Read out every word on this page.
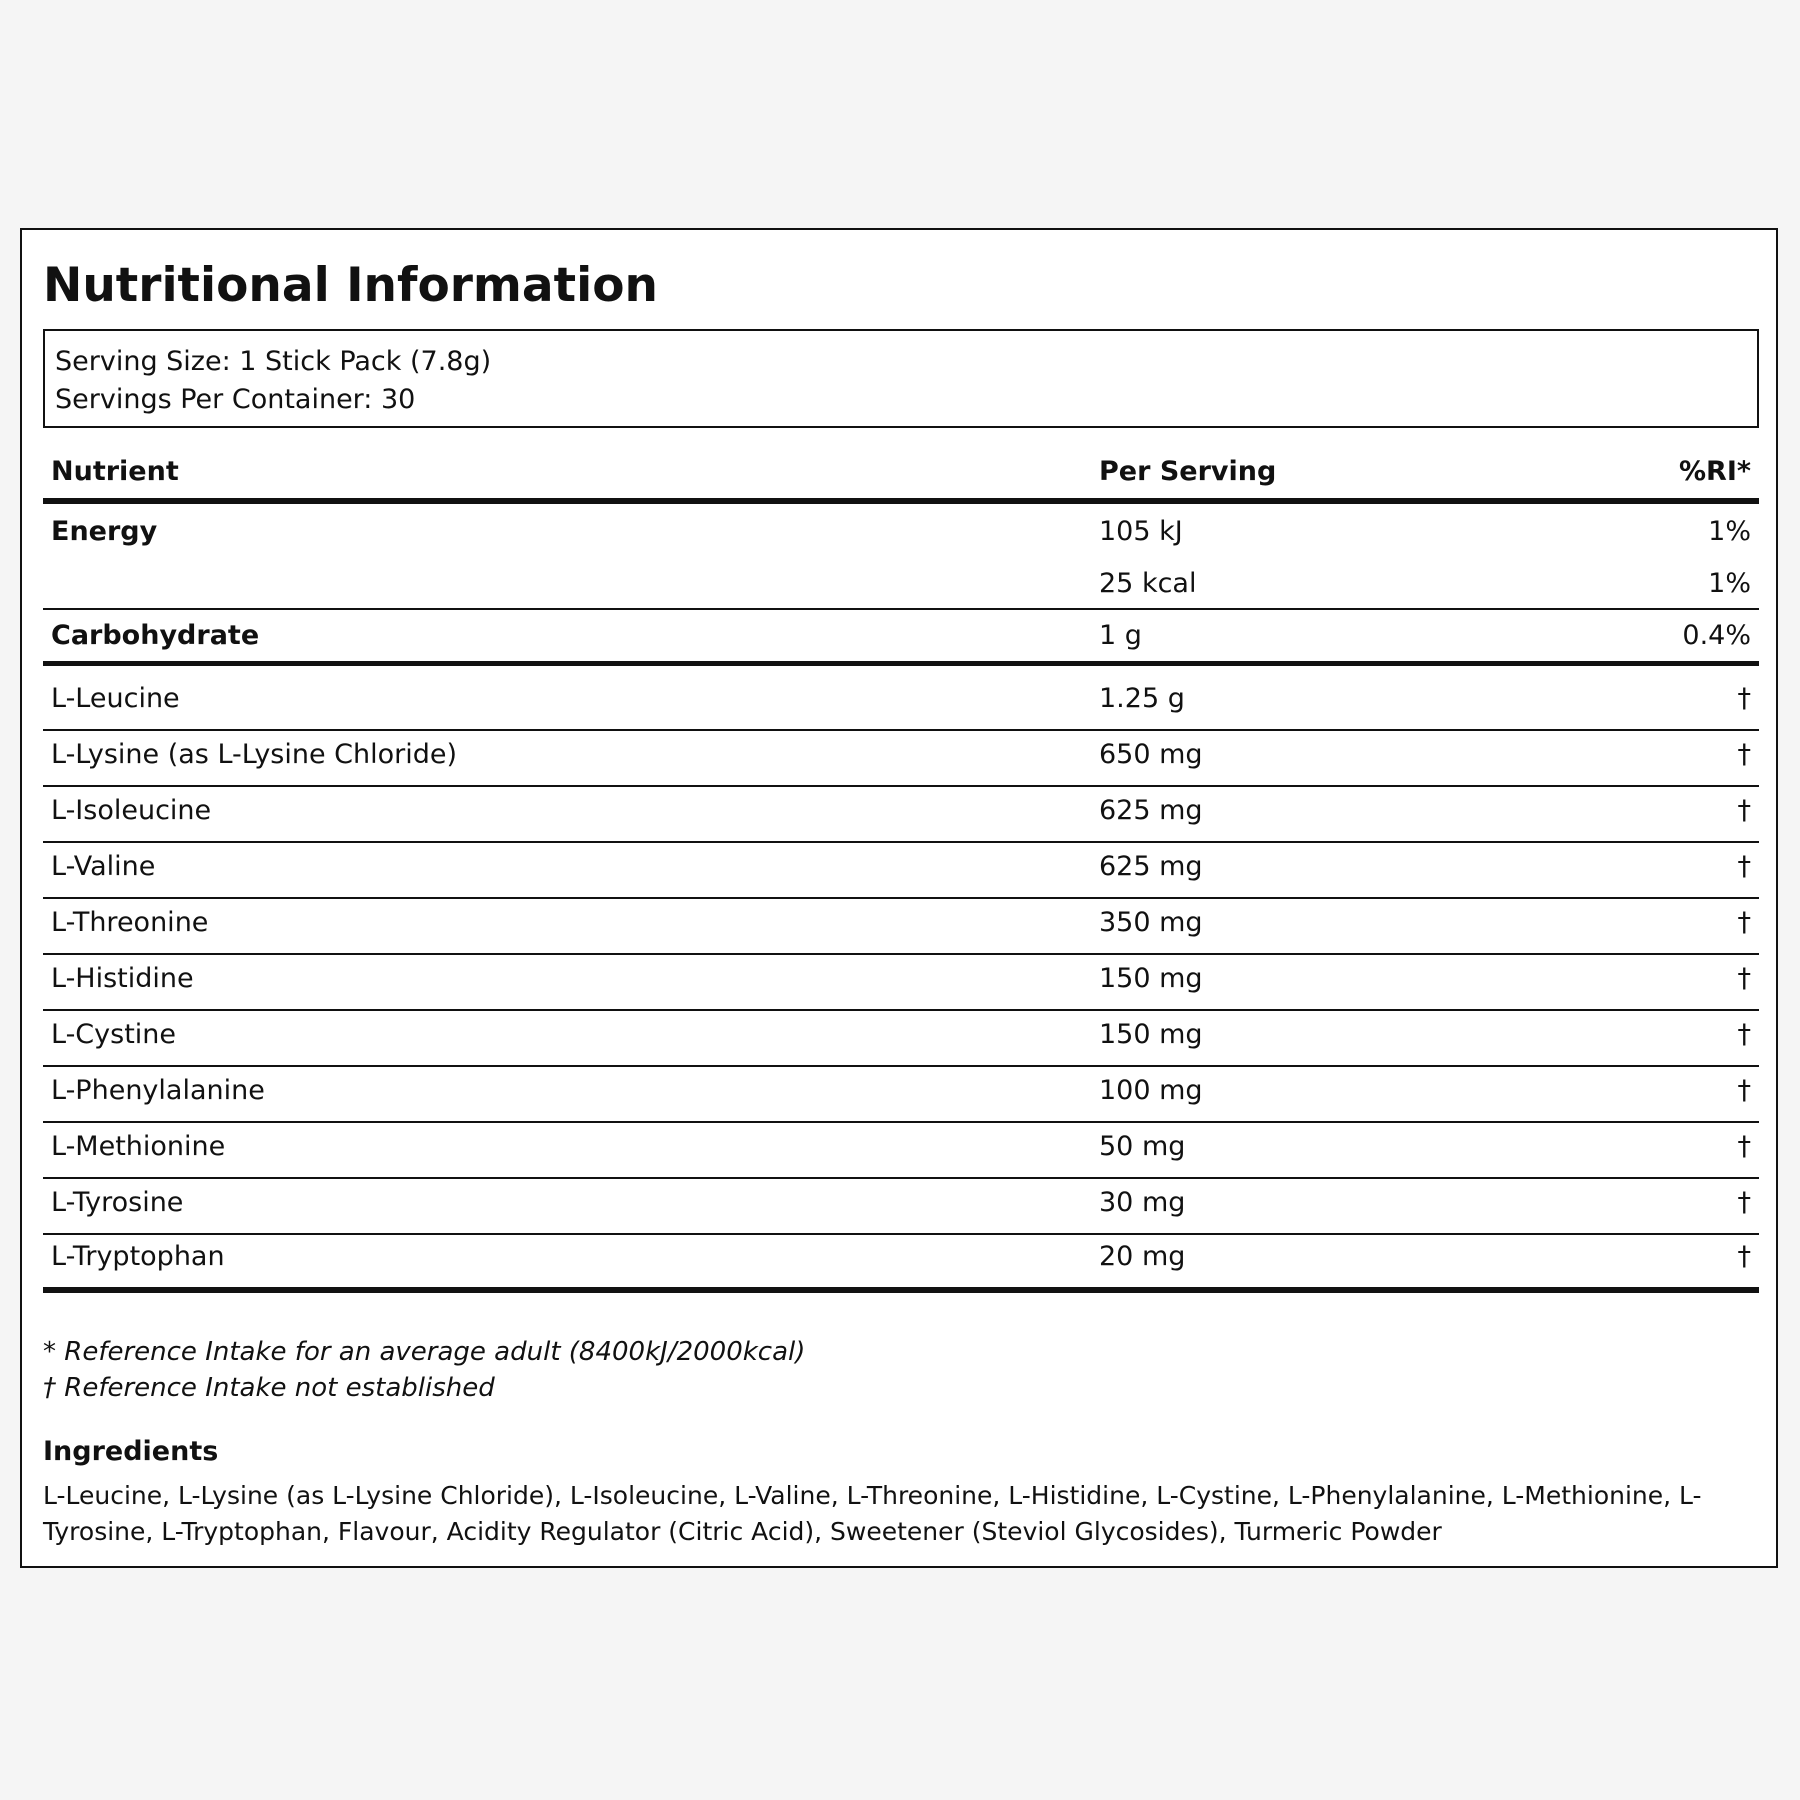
Nutritional Information
Serving Size: 1 Stick Pack (7.8g)
Servings Per Container: 30
Nutrient	Per Serving	%RI*
Energy	105 kJ	1%
25 kcal	1%
Carbohydrate	1 g	0.4%
L-Leucine	1.25 g	†
L-Lysine (as L-Lysine Chloride)	650 mg	†
L-Isoleucine	625 mg	†
L-Valine	625 mg	†
L-Threonine	350 mg	†
L-Histidine	150 mg	†
L-Cystine	150 mg	†
L-Phenylalanine	100 mg	†
L-Methionine	50 mg	†
L-Tyrosine	30 mg	†
L-Tryptophan	20 mg	†
* Reference Intake for an average adult (8400kJ/2000kcal)
† Reference Intake not established
Ingredients
L-Leucine, L-Lysine (as L-Lysine Chloride), L-Isoleucine, L-Valine, L-Threonine, L-Histidine, L-Cystine, L-Phenylalanine, L-Methionine, L-Tyrosine, L-Tryptophan, Flavour, Acidity Regulator (Citric Acid), Sweetener (Steviol Glycosides), Turmeric Powder
